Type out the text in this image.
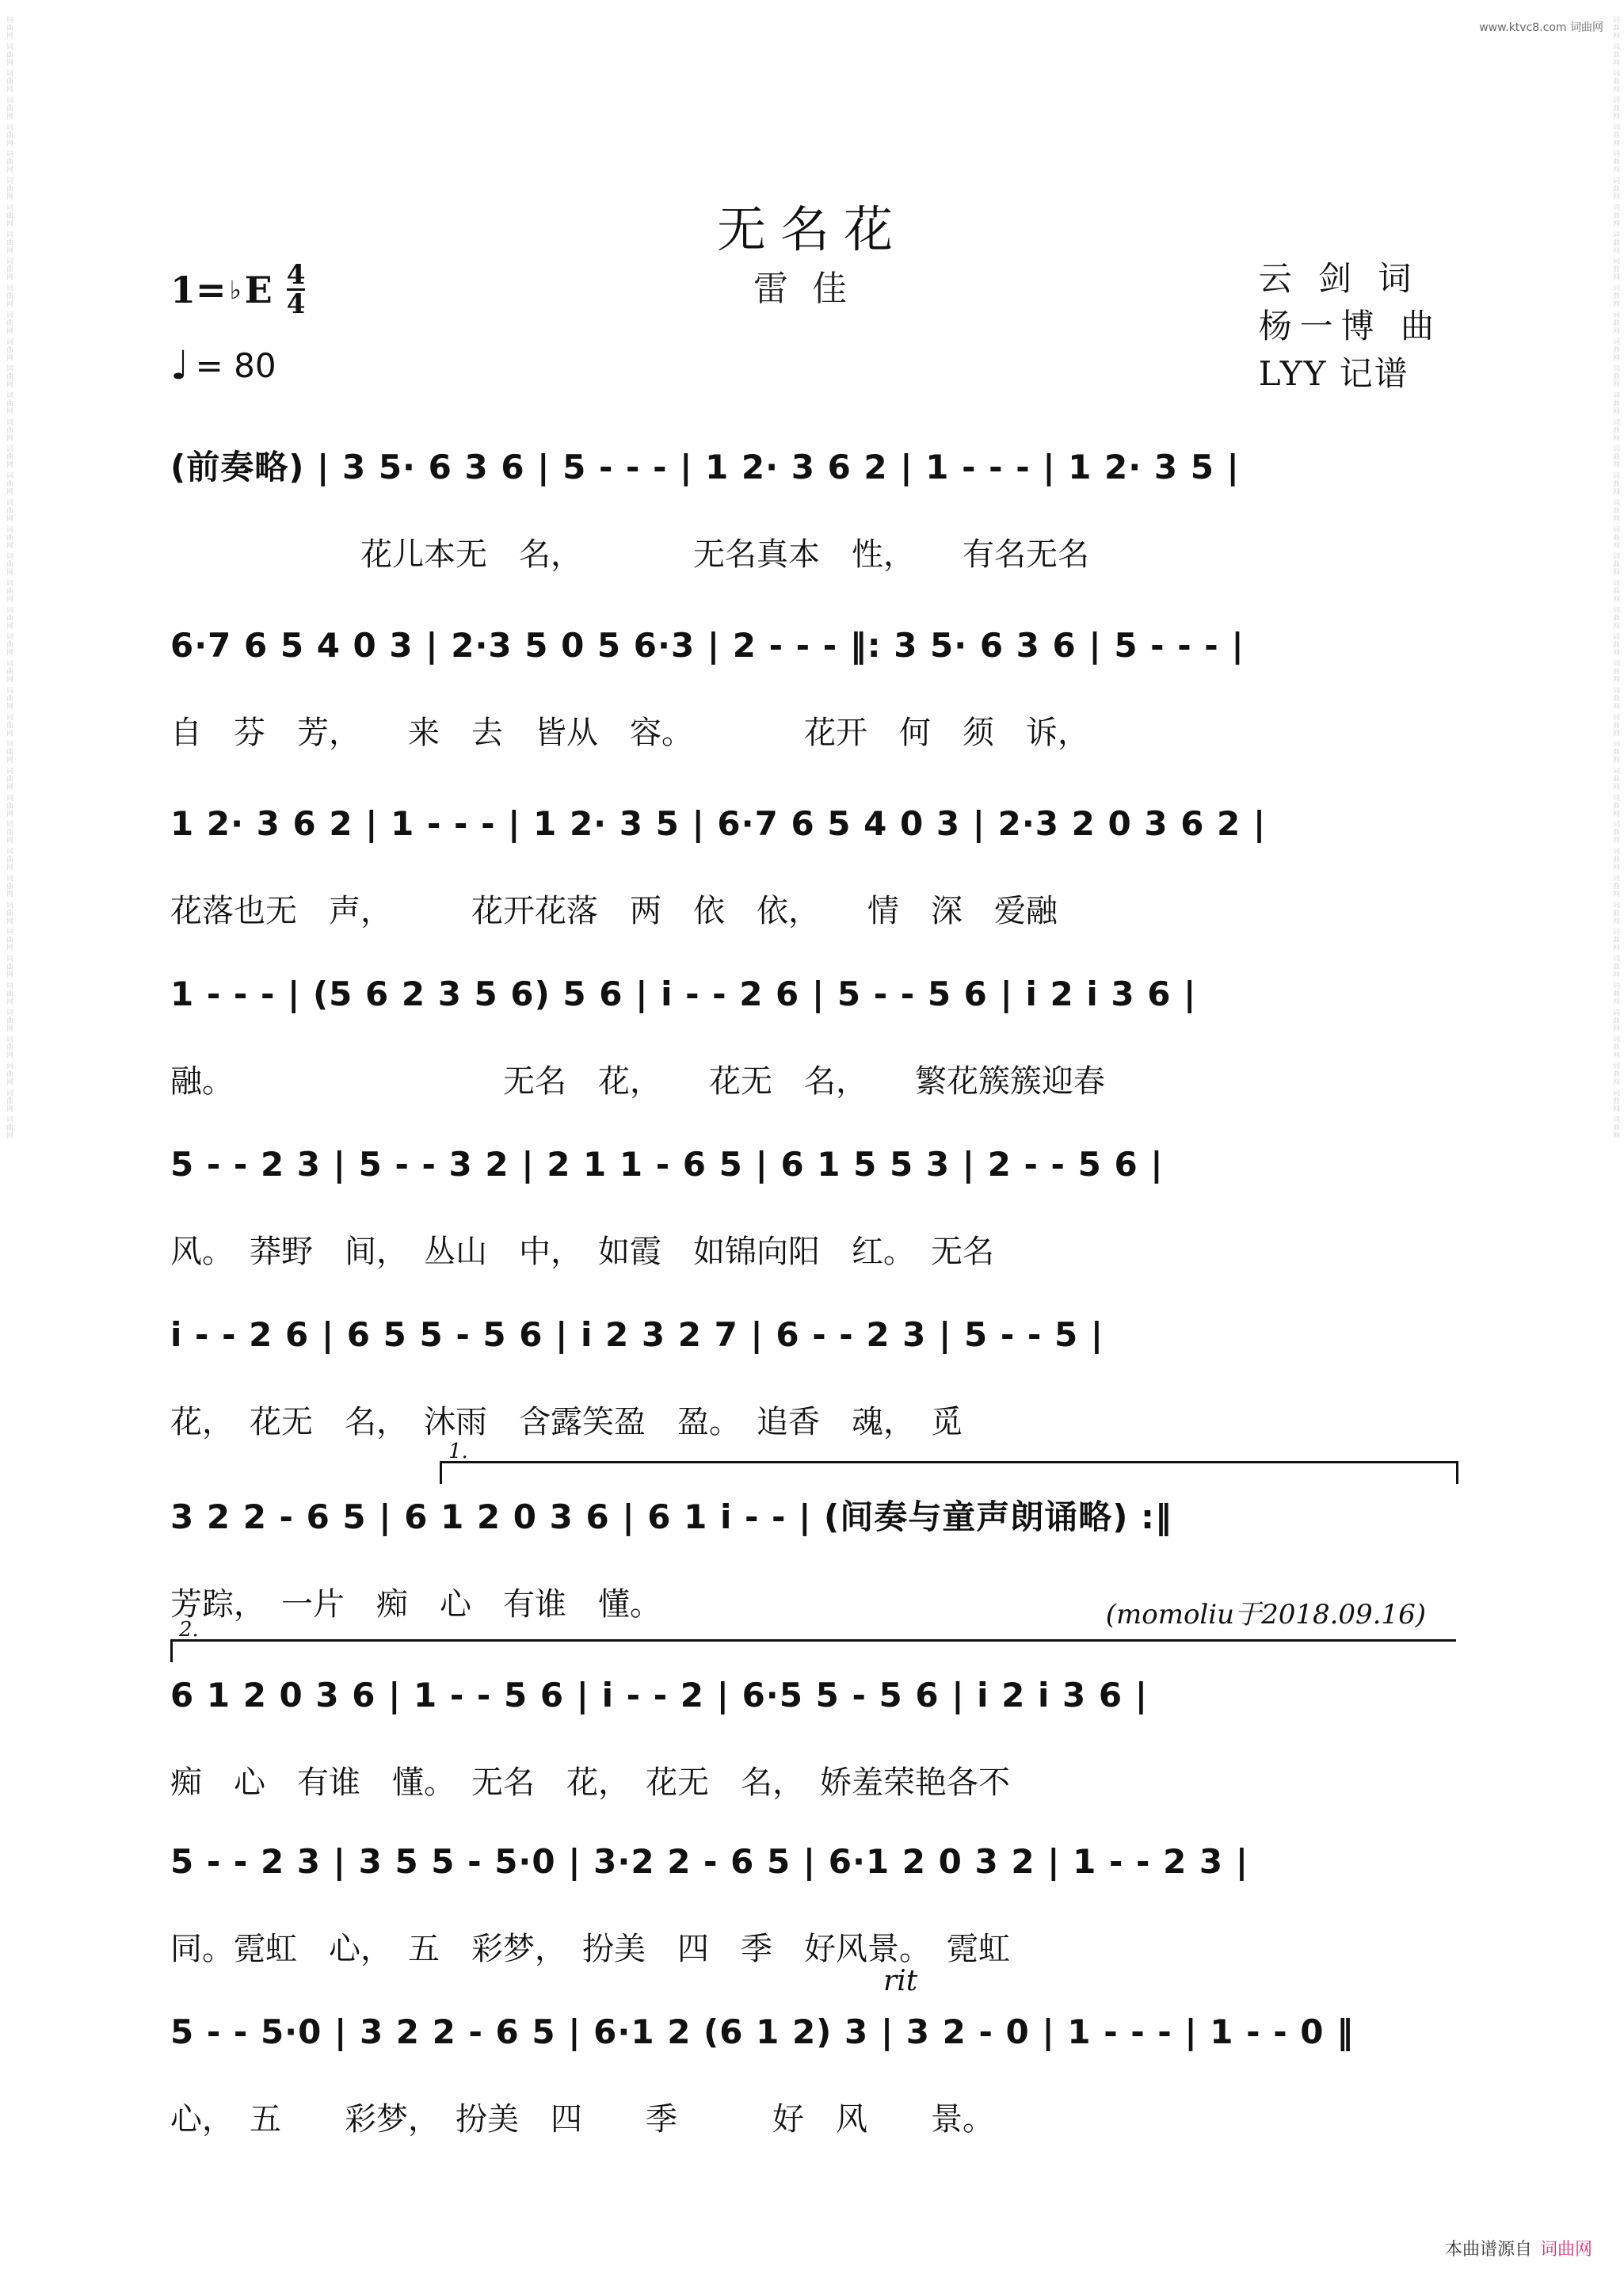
词曲网 词曲网 词曲网 词曲网 词曲网 词曲网 词曲网 词曲网 词曲网 词曲网 词曲网 词曲网 词曲网 词曲网 词曲网 词曲网 词曲网 词曲网 词曲网 词曲网 词曲网 词曲网 词曲网 词曲网 词曲网 词曲网 词曲网 词曲网 词曲网 词曲网 词曲网 词曲网 词曲网 词曲网 词曲网 词曲网 词曲网 词曲网 词曲网 词曲网 词曲网 词曲网	词曲网 词曲网 词曲网 词曲网 词曲网 词曲网 词曲网 词曲网 词曲网 词曲网 词曲网 词曲网 词曲网 词曲网 词曲网 词曲网 词曲网 词曲网 词曲网 词曲网 词曲网 词曲网 词曲网 词曲网 词曲网 词曲网 词曲网 词曲网 词曲网 词曲网 词曲网 词曲网 词曲网 词曲网 词曲网 词曲网 词曲网 词曲网 词曲网 词曲网 词曲网 词曲网
www.ktvc8.com 词曲网
无名花
雷佳
1= ♭ E 4
4
♩ = 80
云 剑 词
杨一博 曲
LYY 记谱
(前奏略) | 3 5· 6 3 6 | 5 - - - | 1 2· 3 6 2 | 1 - - - | 1 2· 3 5 |
　　　　　　花儿本无　名，　　　　无名真本　性，　　有名无名
6·7 6 5 4 0 3 | 2·3 5 0 5 6·3 | 2 - - - ‖: 3 5· 6 3 6 | 5 - - - |
自　芬　芳，　　来　去　皆从　容。　　　　花开　何　须　诉，
1 2· 3 6 2 | 1 - - - | 1 2· 3 5 | 6·7 6 5 4 0 3 | 2·3 2 0 3 6 2 |
花落也无　声，　　　花开花落　两　依　依，　　情　深　爱融
1 - - - | (5 6 2 3 5 6) 5 6 | i - - 2 6 | 5 - - 5 6 | i 2 i 3 6 |
融。　　　　　　　　　无名　花，　　花无　名，　　繁花簇簇迎春
5 - - 2 3 | 5 - - 3 2 | 2 1 1 - 6 5 | 6 1 5 5 3 | 2 - - 5 6 |
风。　莽野　间，　丛山　中，　如霞　如锦向阳　红。　无名
i - - 2 6 | 6 5 5 - 5 6 | i 2 3 2 7 | 6 - - 2 3 | 5 - - 5 |
花，　花无　名，　沐雨　含露笑盈　盈。　追香　魂，　觅
1.
3 2 2 - 6 5 | 6 1 2 0 3 6 | 6 1 i - - | (间奏与童声朗诵略) :‖
芳踪，　一片　痴　心　有谁　懂。	(momoliu于2018.09.16)
2.
6 1 2 0 3 6 | 1 - - 5 6 | i - - 2 | 6·5 5 - 5 6 | i 2 i 3 6 |
痴　心　有谁　懂。　无名　花，　花无　名，　娇羞荣艳各不
5 - - 2 3 | 3 5 5 - 5·0 | 3·2 2 - 6 5 | 6·1 2 0 3 2 | 1 - - 2 3 |
同。霓虹　心，　五　彩梦，　扮美　四　季　好风景。　霓虹
rit
5 - - 5·0 | 3 2 2 - 6 5 | 6·1 2 (6 1 2) 3 | 3 2 - 0 | 1 - - - | 1 - - 0 ‖
心，　五　　彩梦，　扮美　四　　季　　　好　风　　景。
本曲谱源自 词曲网
